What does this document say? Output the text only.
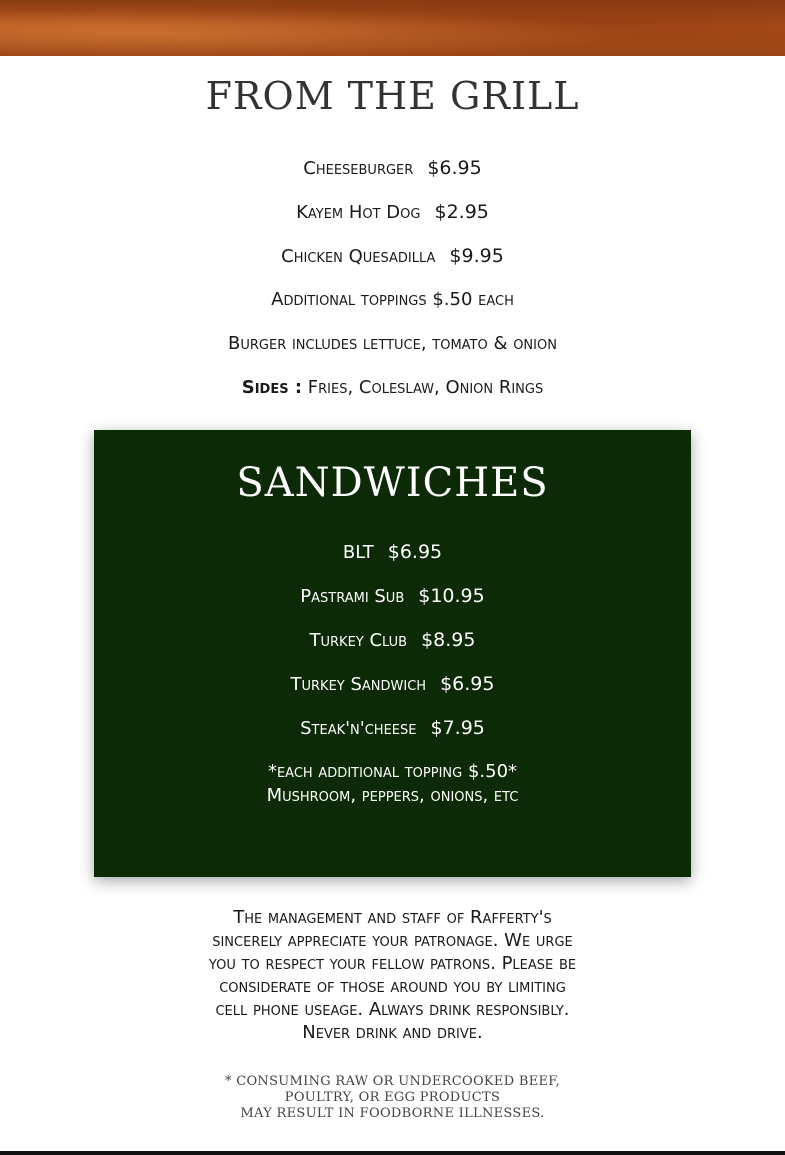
FROM THE GRILL
Cheeseburger $6.95
Kayem Hot Dog $2.95
Chicken Quesadilla $9.95
Additional toppings $.50 each
Burger includes lettuce, tomato & onion
Sides : Fries, Coleslaw, Onion Rings
SANDWICHES
BLT $6.95
Pastrami Sub $10.95
Turkey Club $8.95
Turkey Sandwich $6.95
Steak'n'cheese $7.95
*each additional topping $.50*
Mushroom, peppers, onions, etc

The management and staff of Rafferty's sincerely appreciate your patronage. We urge you to respect your fellow patrons. Please be considerate of those around you by limiting cell phone useage. Always drink responsibly. Never drink and drive.

* CONSUMING RAW OR UNDERCOOKED BEEF,
POULTRY, OR EGG PRODUCTS
MAY RESULT IN FOODBORNE ILLNESSES.
